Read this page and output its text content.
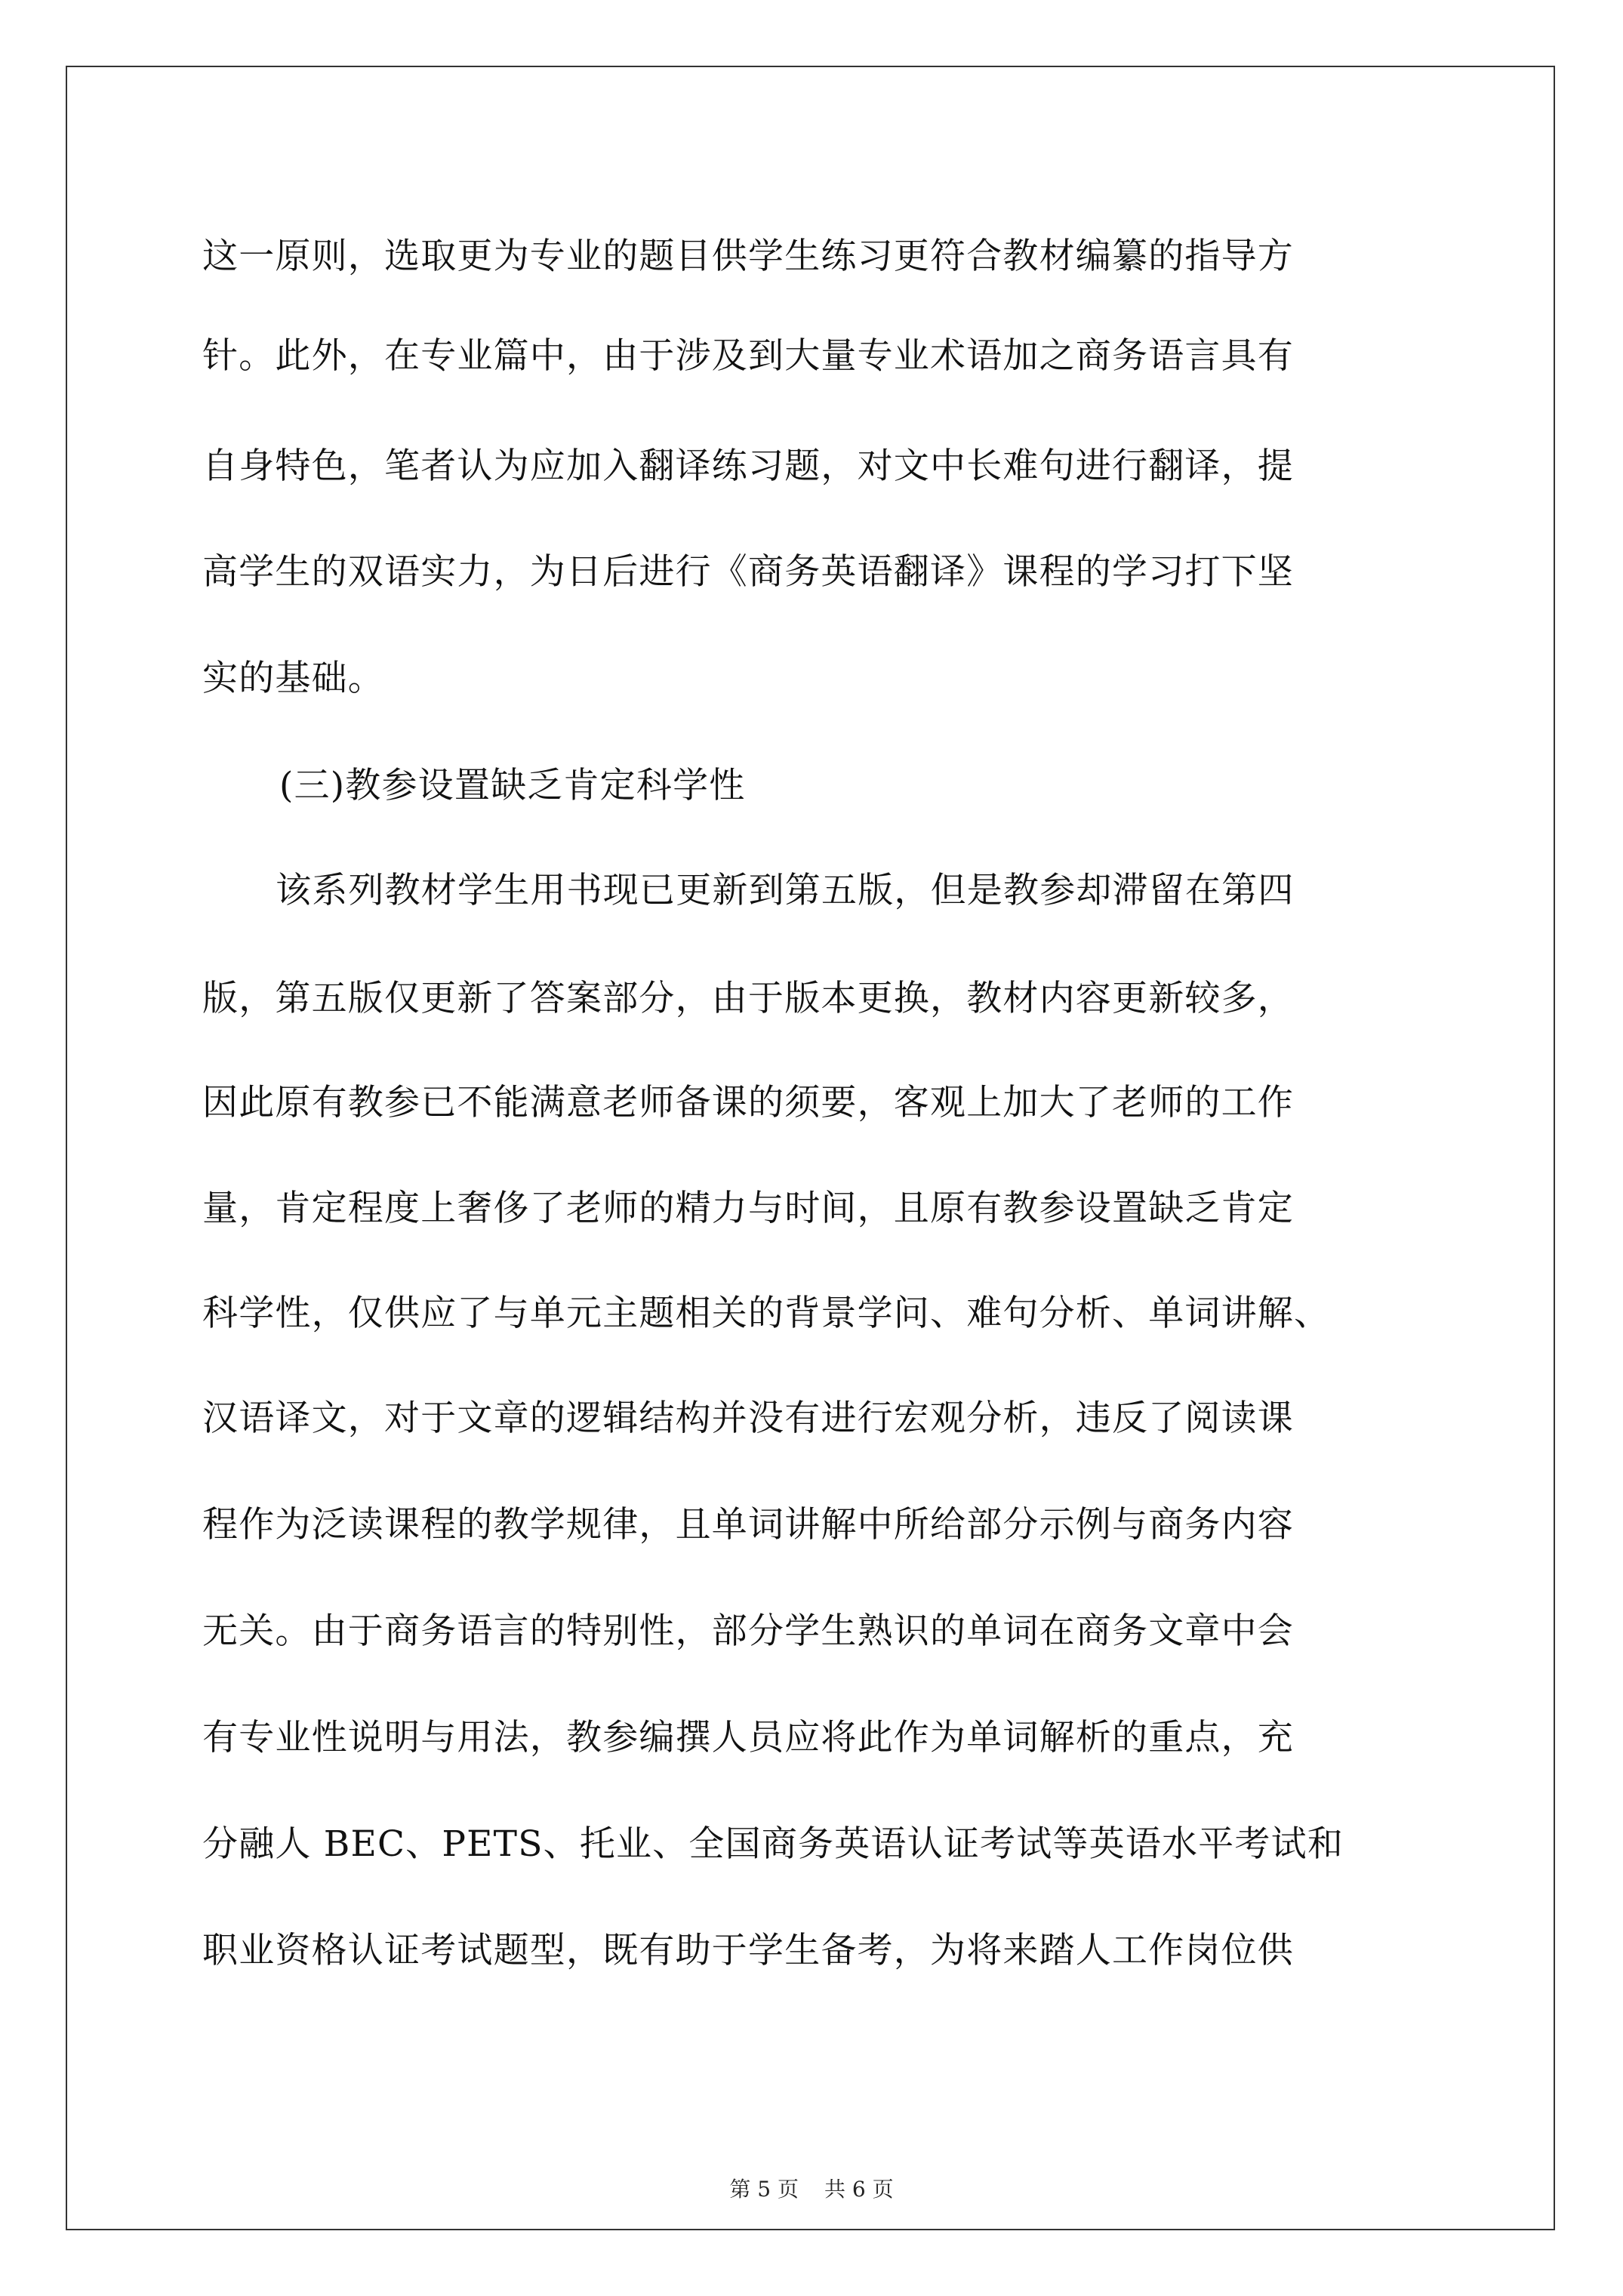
这一原则，选取更为专业的题目供学生练习更符合教材编纂的指导方
针。此外，在专业篇中，由于涉及到大量专业术语加之商务语言具有
自身特色，笔者认为应加入翻译练习题，对文中长难句进行翻译，提
高学生的双语实力，为日后进行《商务英语翻译》课程的学习打下坚
实的基础。
(三)教参设置缺乏肯定科学性
该系列教材学生用书现已更新到第五版，但是教参却滞留在第四
版，第五版仅更新了答案部分，由于版本更换，教材内容更新较多，
因此原有教参已不能满意老师备课的须要，客观上加大了老师的工作
量，肯定程度上奢侈了老师的精力与时间，且原有教参设置缺乏肯定
科学性，仅供应了与单元主题相关的背景学问、难句分析、单词讲解、
汉语译文，对于文章的逻辑结构并没有进行宏观分析，违反了阅读课
程作为泛读课程的教学规律，且单词讲解中所给部分示例与商务内容
无关。由于商务语言的特别性，部分学生熟识的单词在商务文章中会
有专业性说明与用法，教参编撰人员应将此作为单词解析的重点，充
分融人 BEC、PETS、托业、全国商务英语认证考试等英语水平考试和
职业资格认证考试题型，既有助于学生备考，为将来踏人工作岗位供
第 5 页 共 6 页
